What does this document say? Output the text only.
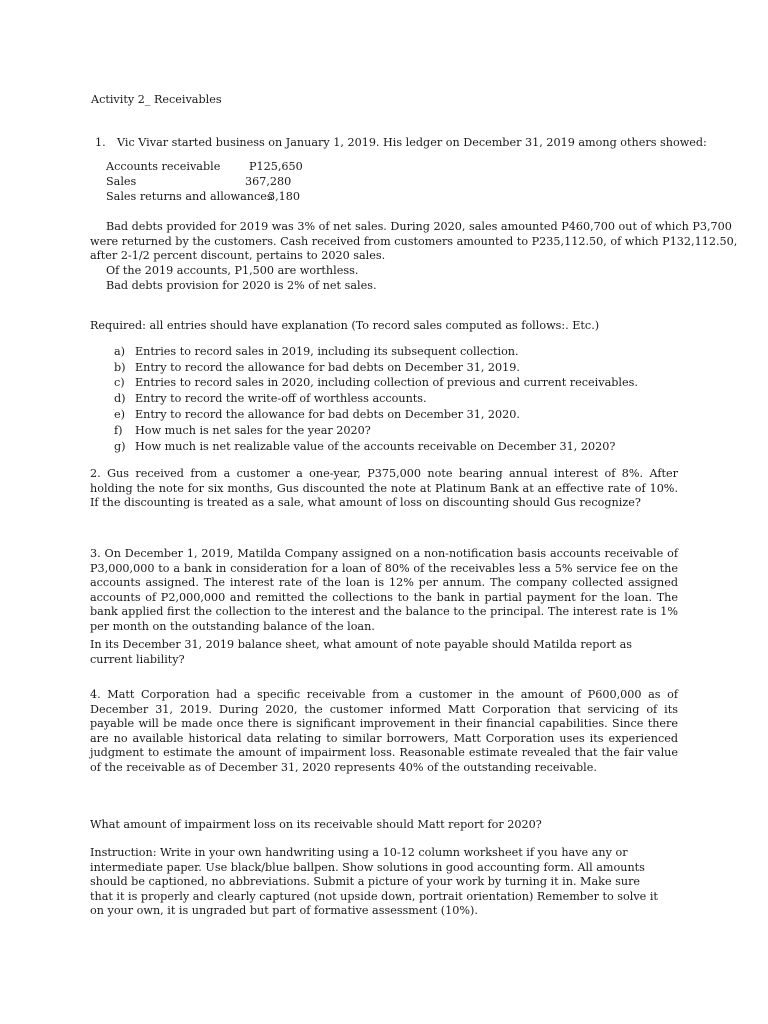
Activity 2_ Receivables

1. Vic Vivar started business on January 1, 2019. His ledger on December 31, 2019 among others showed:

Accounts receivable	P125,650
Sales	367,280
Sales returns and allowances
3,180

Bad debts provided for 2019 was 3% of net sales. During 2020, sales amounted P460,700 out of which P3,700

were returned by the customers. Cash received from customers amounted to P235,112.50, of which P132,112.50,

after 2-1/2 percent discount, pertains to 2020 sales.

Of the 2019 accounts, P1,500 are worthless.

Bad debts provision for 2020 is 2% of net sales.

Required: all entries should have explanation (To record sales computed as follows:. Etc.)

a) Entries to record sales in 2019, including its subsequent collection.
b) Entry to record the allowance for bad debts on December 31, 2019.
c) Entries to record sales in 2020, including collection of previous and current receivables.
d) Entry to record the write-off of worthless accounts.
e) Entry to record the allowance for bad debts on December 31, 2020.
f) How much is net sales for the year 2020?
g) How much is net realizable value of the accounts receivable on December 31, 2020?

2. Gus received from a customer a one-year, P375,000 note bearing annual interest of 8%. After holding the note for six months, Gus discounted the note at Platinum Bank at an effective rate of 10%. If the discounting is treated as a sale, what amount of loss on discounting should Gus recognize?

3. On December 1, 2019, Matilda Company assigned on a non-notification basis accounts receivable of P3,000,000 to a bank in consideration for a loan of 80% of the receivables less a 5% service fee on the accounts assigned. The interest rate of the loan is 12% per annum. The company collected assigned accounts of P2,000,000 and remitted the collections to the bank in partial payment for the loan. The bank applied first the collection to the interest and the balance to the principal. The interest rate is 1% per month on the outstanding balance of the loan.

In its December 31, 2019 balance sheet, what amount of note payable should Matilda report as current liability?

4. Matt Corporation had a specific receivable from a customer in the amount of P600,000 as of December 31, 2019. During 2020, the customer informed Matt Corporation that servicing of its payable will be made once there is significant improvement in their financial capabilities. Since there are no available historical data relating to similar borrowers, Matt Corporation uses its experienced judgment to estimate the amount of impairment loss. Reasonable estimate revealed that the fair value of the receivable as of December 31, 2020 represents 40% of the outstanding receivable.

What amount of impairment loss on its receivable should Matt report for 2020?

Instruction: Write in your own handwriting using a 10-12 column worksheet if you have any or intermediate paper. Use black/blue ballpen. Show solutions in good accounting form. All amounts should be captioned, no abbreviations. Submit a picture of your work by turning it in. Make sure that it is properly and clearly captured (not upside down, portrait orientation) Remember to solve it on your own, it is ungraded but part of formative assessment (10%).
